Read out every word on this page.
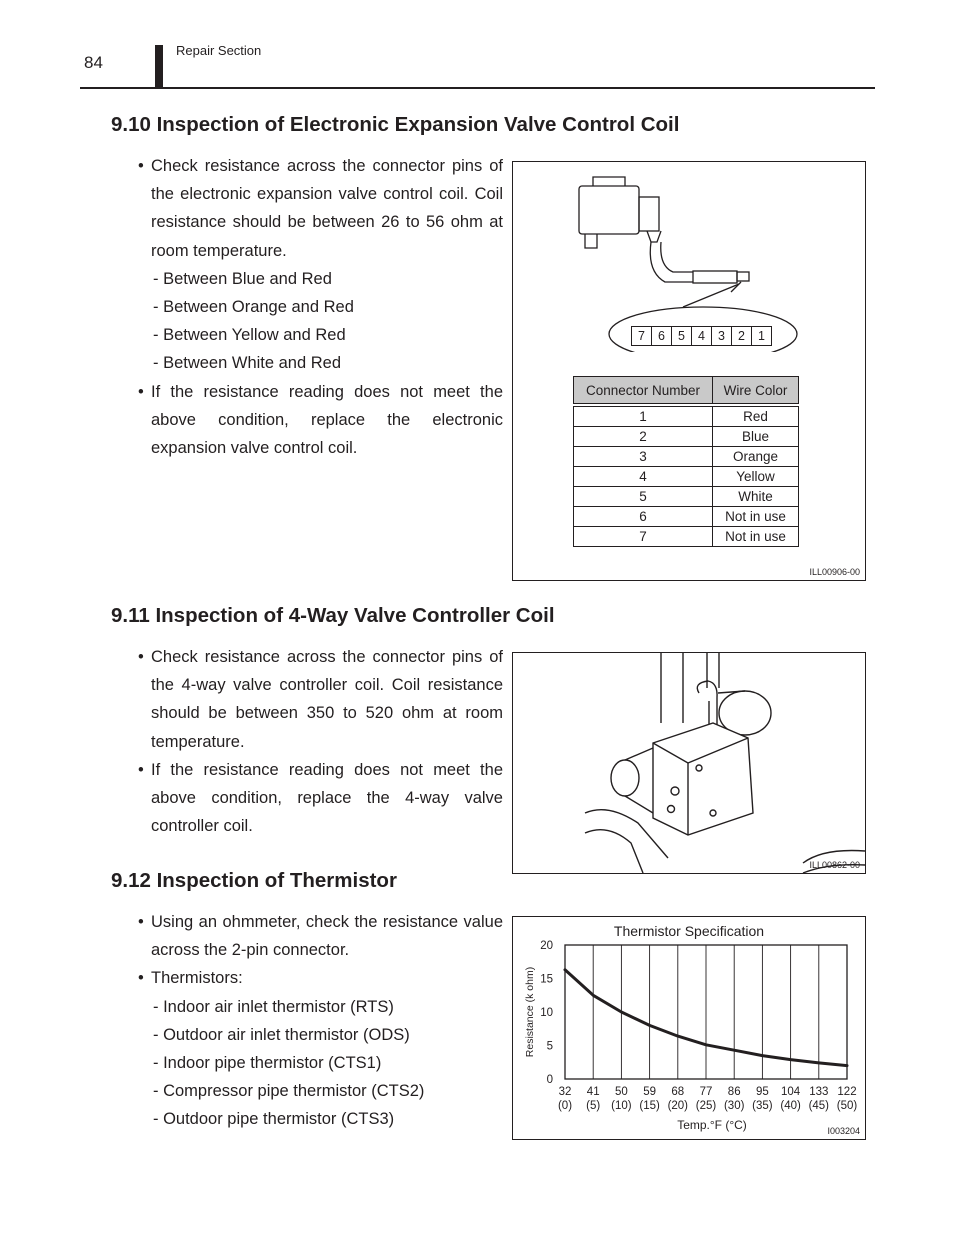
84
Repair Section
9.10 Inspection of Electronic Expansion Valve Control Coil
• Check resistance across the connector pins of the electronic expansion valve control coil. Coil resistance should be between 26 to 56 ohm at room temperature.
- Between Blue and Red
- Between Orange and Red
- Between Yellow and Red
- Between White and Red
• If the resistance reading does not meet the above condition, replace the electronic expansion valve control coil.
7	6	5	4	3	2	1
Connector Number	Wire Color

1	Red
2	Blue
3	Orange
4	Yellow
5	White
6	Not in use
7	Not in use
ILL00906-00
9.11 Inspection of 4-Way Valve Controller Coil
• Check resistance across the connector pins of the 4-way valve controller coil. Coil resistance should be between 350 to 520 ohm at room temperature.
• If the resistance reading does not meet the above condition, replace the 4-way valve controller coil.
ILL00862-00
9.12 Inspection of Thermistor
• Using an ohmmeter, check the resistance value across the 2-pin connector.
• Thermistors:
- Indoor air inlet thermistor (RTS)
- Outdoor air inlet thermistor (ODS)
- Indoor pipe thermistor (CTS1)
- Compressor pipe thermistor (CTS2)
- Outdoor pipe thermistor (CTS3)
Thermistor Specification
32 41 50 59 68 77 86 95 104 133 122
(0) (5) (10) (15) (20) (25) (30) (35) (40) (45) (50)
0
5
10
15
20
Resistance (k ohm)
Temp.°F (°C)	I003204
